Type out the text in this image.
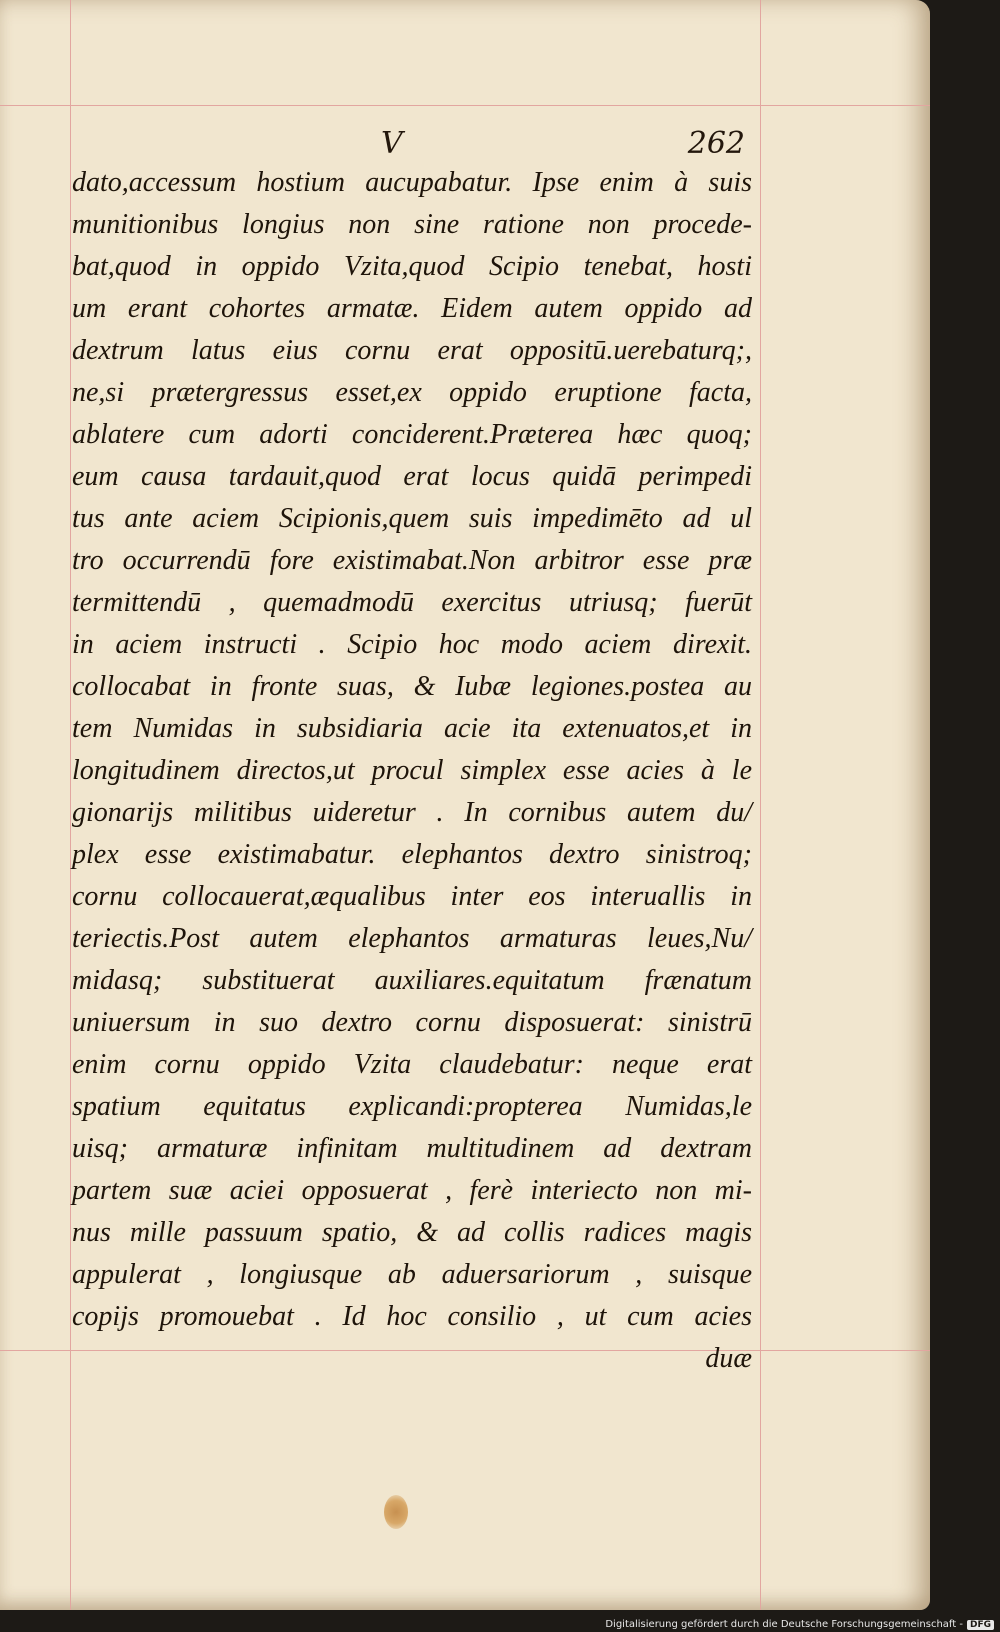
V	262
dato,accessum hostium aucupabatur. Ipse enim à suis
munitionibus longius non sine ratione non procede-
bat,quod in oppido Vzita,quod Scipio tenebat, hosti
um erant cohortes armatæ. Eidem autem oppido ad
dextrum latus eius cornu erat oppositū.uerebaturq;,
ne,si prætergressus esset,ex oppido eruptione facta,
ablatere cum adorti conciderent.Præterea hæc quoq;
eum causa tardauit,quod erat locus quidā perimpedi
tus ante aciem Scipionis,quem suis impedimēto ad ul
tro occurrendū fore existimabat.Non arbitror esse præ
termittendū , quemadmodū exercitus utriusq; fuerūt
in aciem instructi . Scipio hoc modo aciem direxit.
collocabat in fronte suas, & Iubæ legiones.postea au
tem Numidas in subsidiaria acie ita extenuatos,et in
longitudinem directos,ut procul simplex esse acies à le
gionarijs militibus uideretur . In cornibus autem du/
plex esse existimabatur. elephantos dextro sinistroq;
cornu collocauerat,æqualibus inter eos interuallis in
teriectis.Post autem elephantos armaturas leues,Nu/
midasq; substituerat auxiliares.equitatum frænatum
uniuersum in suo dextro cornu disposuerat: sinistrū
enim cornu oppido Vzita claudebatur: neque erat
spatium equitatus explicandi:propterea Numidas,le
uisq; armaturæ infinitam multitudinem ad dextram
partem suæ aciei opposuerat , ferè interiecto non mi-
nus mille passuum spatio, & ad collis radices magis
appulerat , longiusque ab aduersariorum , suisque
copijs promouebat . Id hoc consilio , ut cum acies
duæ
Digitalisierung gefördert durch die Deutsche Forschungsgemeinschaft - DFG
